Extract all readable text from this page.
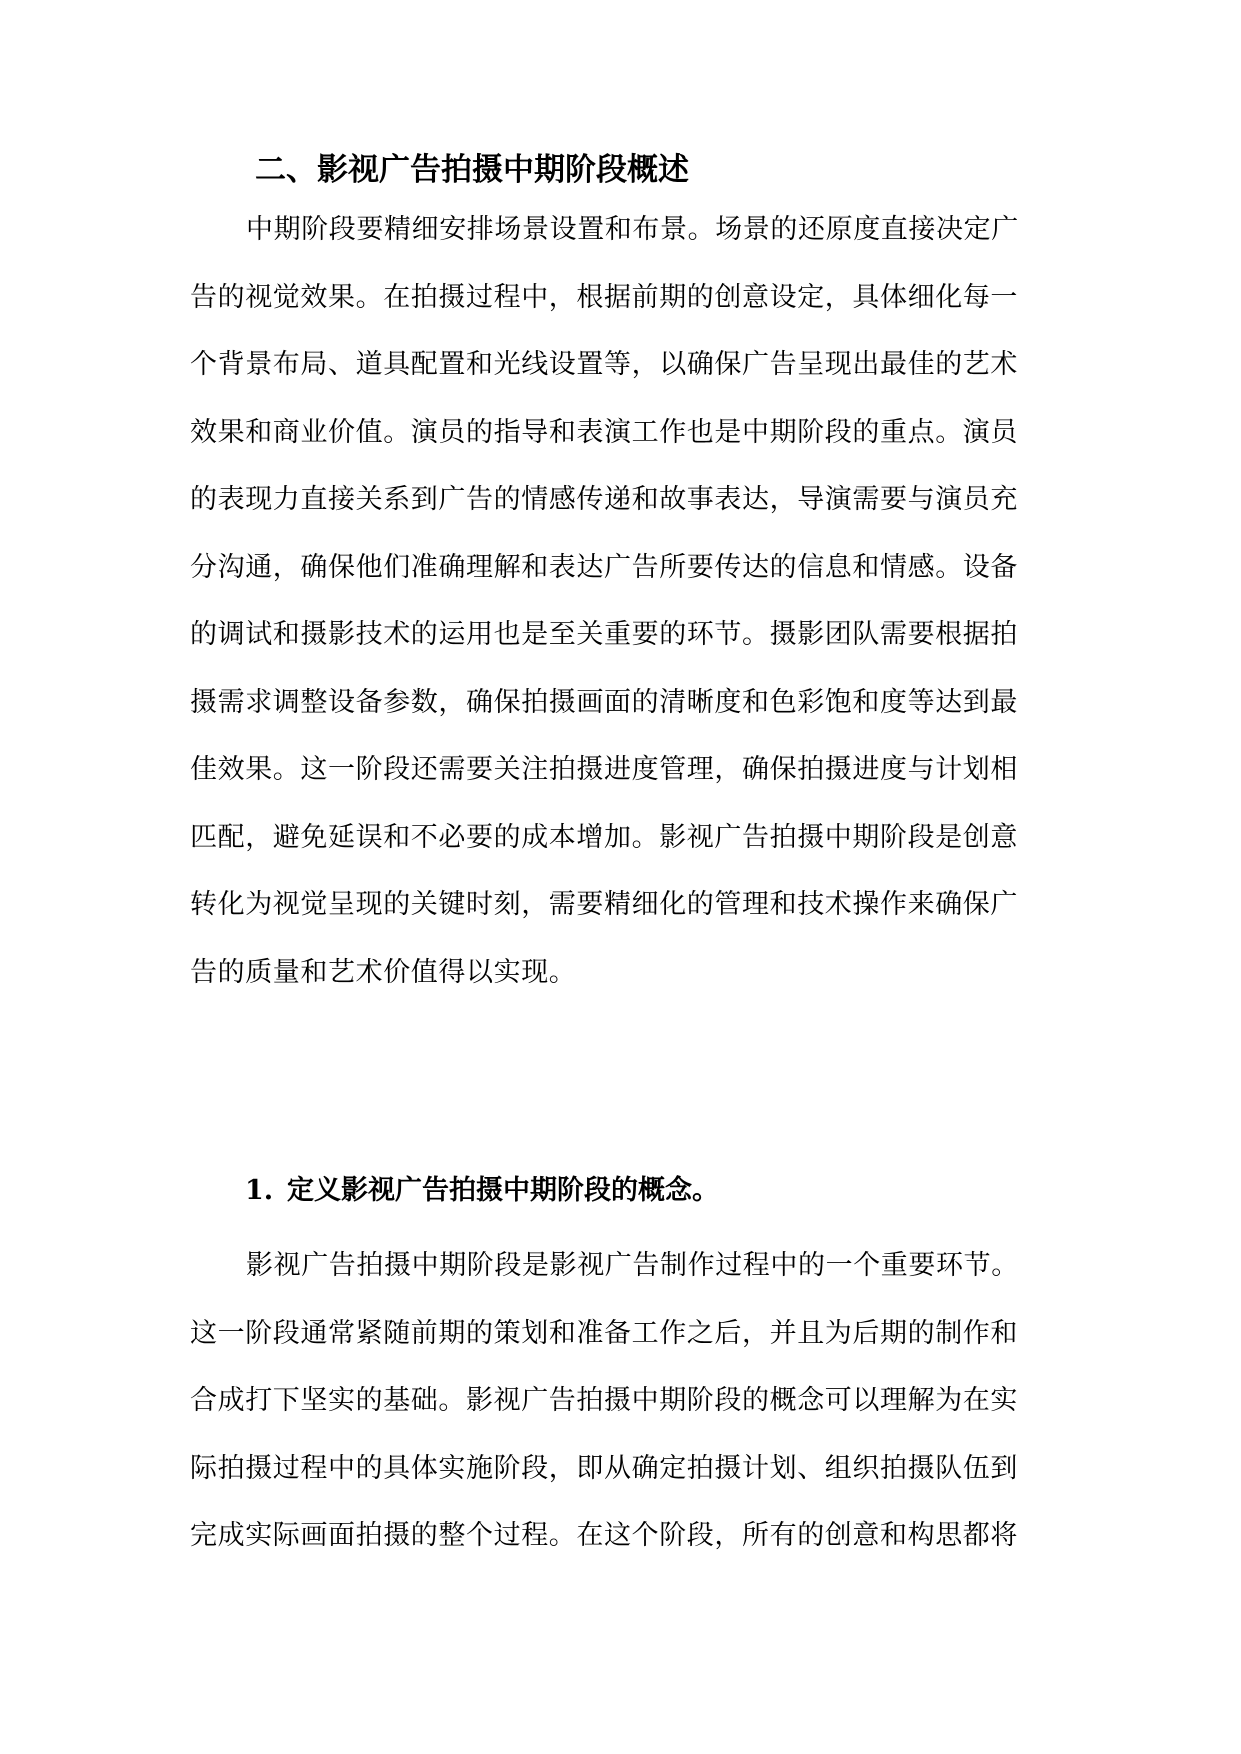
二、影视广告拍摄中期阶段概述
中期阶段要精细安排场景设置和布景。场景的还原度直接决定广
告的视觉效果。在拍摄过程中，根据前期的创意设定，具体细化每一
个背景布局、道具配置和光线设置等，以确保广告呈现出最佳的艺术
效果和商业价值。演员的指导和表演工作也是中期阶段的重点。演员
的表现力直接关系到广告的情感传递和故事表达，导演需要与演员充
分沟通，确保他们准确理解和表达广告所要传达的信息和情感。设备
的调试和摄影技术的运用也是至关重要的环节。摄影团队需要根据拍
摄需求调整设备参数，确保拍摄画面的清晰度和色彩饱和度等达到最
佳效果。这一阶段还需要关注拍摄进度管理，确保拍摄进度与计划相
匹配，避免延误和不必要的成本增加。影视广告拍摄中期阶段是创意
转化为视觉呈现的关键时刻，需要精细化的管理和技术操作来确保广
告的质量和艺术价值得以实现。
1. 定义影视广告拍摄中期阶段的概念。
影视广告拍摄中期阶段是影视广告制作过程中的一个重要环节。
这一阶段通常紧随前期的策划和准备工作之后，并且为后期的制作和
合成打下坚实的基础。影视广告拍摄中期阶段的概念可以理解为在实
际拍摄过程中的具体实施阶段，即从确定拍摄计划、组织拍摄队伍到
完成实际画面拍摄的整个过程。在这个阶段，所有的创意和构思都将
